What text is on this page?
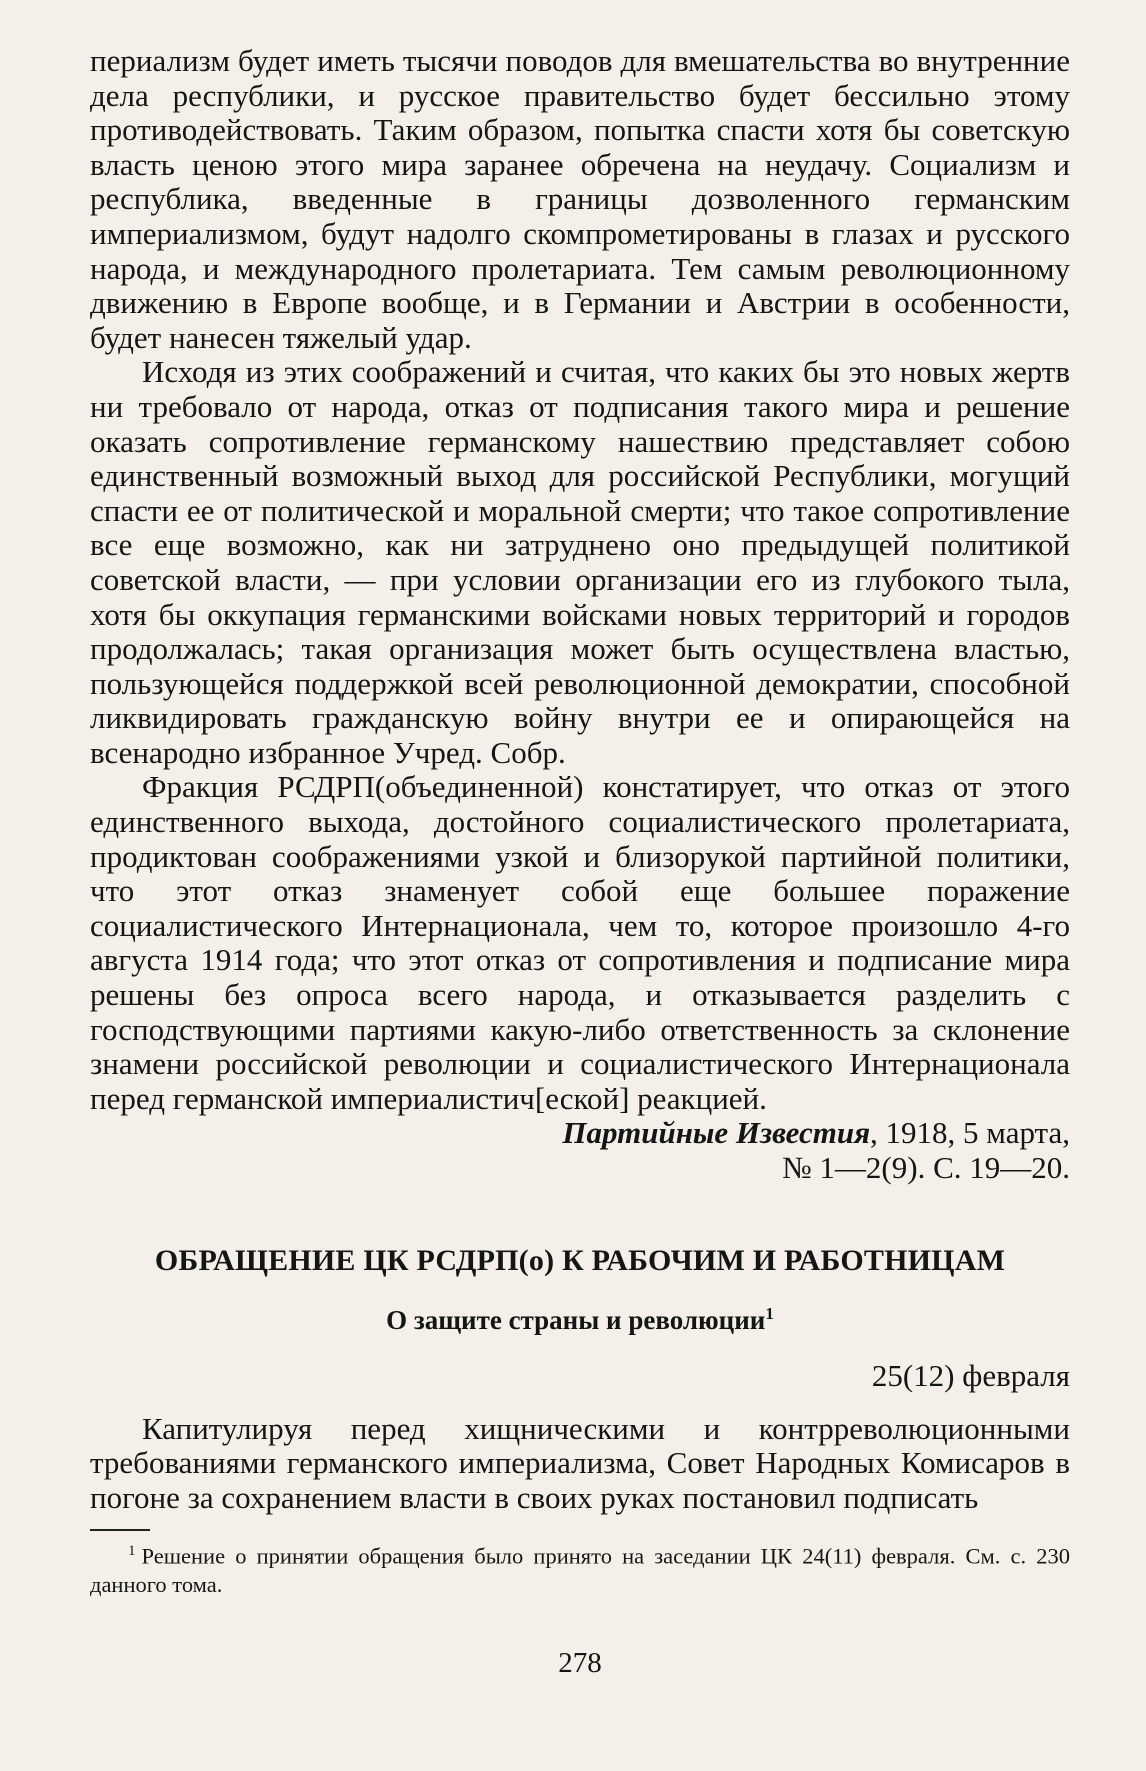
периализм будет иметь тысячи поводов для вмешательства во внутренние дела республики, и русское правительство будет бессильно этому противодействовать. Таким образом, попытка спасти хотя бы советскую власть ценою этого мира заранее обречена на неудачу. Социализм и республика, введенные в границы дозволенного германским империализмом, будут надолго скомпрометированы в глазах и русского народа, и международного пролетариата. Тем самым революционному движению в Европе вообще, и в Германии и Австрии в особенности, будет нанесен тяжелый удар.

Исходя из этих соображений и считая, что каких бы это новых жертв ни требовало от народа, отказ от подписания такого мира и решение оказать сопротивление германскому нашествию представляет собою единственный возможный выход для российской Республики, могущий спасти ее от политической и моральной смерти; что такое сопротивление все еще возможно, как ни затруднено оно предыдущей политикой советской власти, — при условии организации его из глубокого тыла, хотя бы оккупация германскими войсками новых территорий и городов продолжалась; такая организация может быть осуществлена властью, пользующейся поддержкой всей революционной демократии, способной ликвидировать гражданскую войну внутри ее и опирающейся на всенародно избранное Учред. Собр.

Фракция РСДРП(объединенной) констатирует, что отказ от этого единственного выхода, достойного социалистического пролетариата, продиктован соображениями узкой и близорукой партийной политики, что этот отказ знаменует собой еще большее поражение социалистического Интернационала, чем то, которое произошло 4-го августа 1914 года; что этот отказ от сопротивления и подписание мира решены без опроса всего народа, и отказывается разделить с господствующими партиями какую-либо ответственность за склонение знамени российской революции и социалистического Интернационала перед германской империалистич[еской] реакцией.

Партийные Известия, 1918, 5 марта,

№ 1—2(9). С. 19—20.

ОБРАЩЕНИЕ ЦК РСДРП(о) К РАБОЧИМ И РАБОТНИЦАМ

О защите страны и революции$^1$

25(12) февраля

Капитулируя перед хищническими и контрреволюционными требованиями германского империализма, Совет Народных Комисаров в погоне за сохранением власти в своих руках постановил подписать

$^1$ Решение о принятии обращения было принято на заседании ЦК 24(11) февраля. См. с. 230 данного тома.

278
